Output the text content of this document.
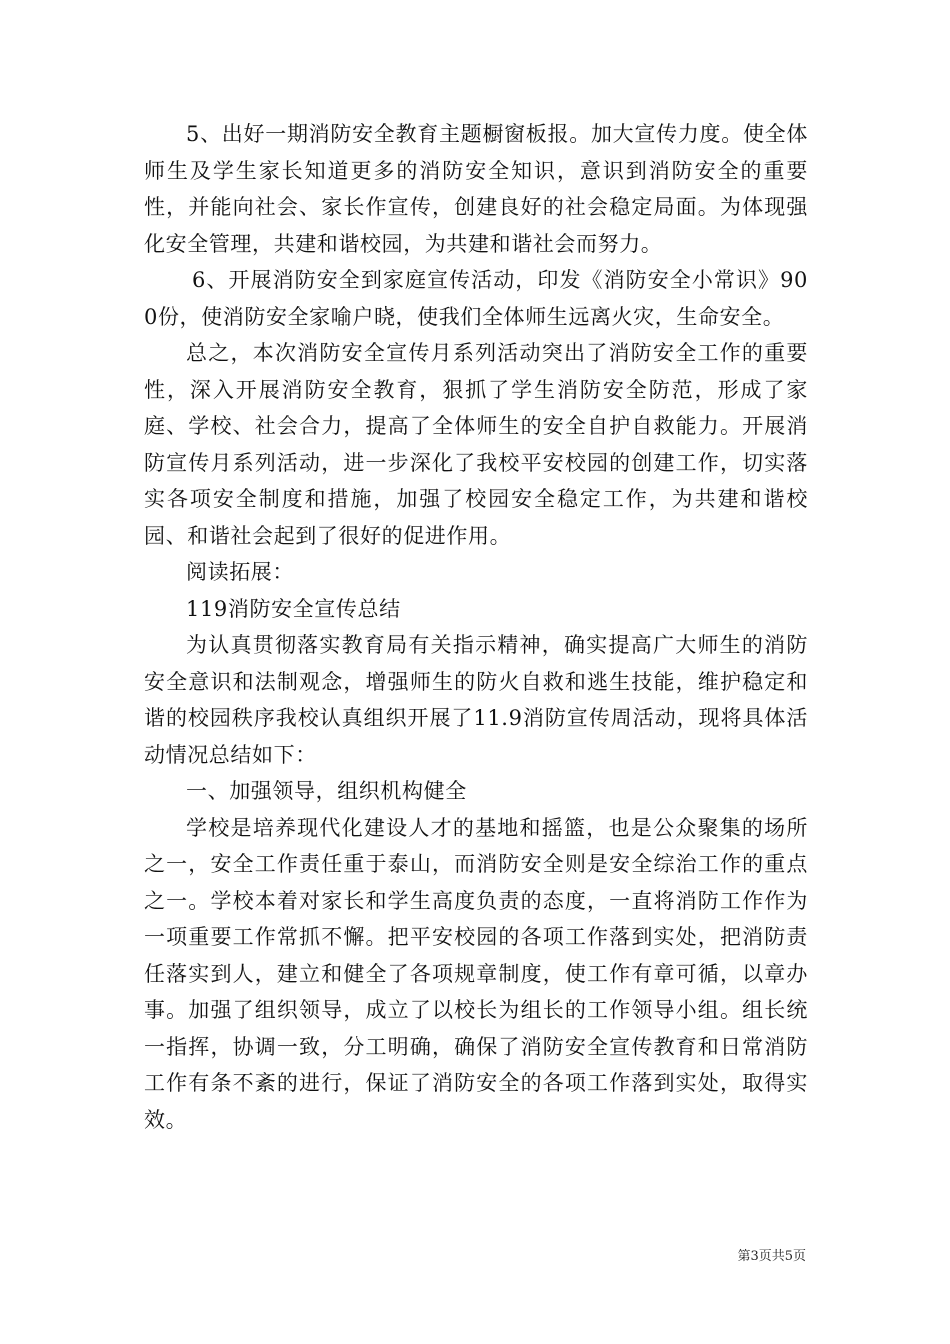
5、出好一期消防安全教育主题橱窗板报。加大宣传力度。使全体师生及学生家长知道更多的消防安全知识，意识到消防安全的重要性，并能向社会、家长作宣传，创建良好的社会稳定局面。为体现强化安全管理，共建和谐校园，为共建和谐社会而努力。

6、开展消防安全到家庭宣传活动，印发《消防安全小常识》900份，使消防安全家喻户晓，使我们全体师生远离火灾，生命安全。

总之，本次消防安全宣传月系列活动突出了消防安全工作的重要性，深入开展消防安全教育，狠抓了学生消防安全防范，形成了家庭、学校、社会合力，提高了全体师生的安全自护自救能力。开展消防宣传月系列活动，进一步深化了我校平安校园的创建工作，切实落实各项安全制度和措施，加强了校园安全稳定工作，为共建和谐校园、和谐社会起到了很好的促进作用。

阅读拓展：

119消防安全宣传总结

为认真贯彻落实教育局有关指示精神，确实提高广大师生的消防安全意识和法制观念，增强师生的防火自救和逃生技能，维护稳定和谐的校园秩序我校认真组织开展了11.9消防宣传周活动，现将具体活动情况总结如下：

一、加强领导，组织机构健全

学校是培养现代化建设人才的基地和摇篮，也是公众聚集的场所之一，安全工作责任重于泰山，而消防安全则是安全综治工作的重点之一。学校本着对家长和学生高度负责的态度，一直将消防工作作为一项重要工作常抓不懈。把平安校园的各项工作落到实处，把消防责任落实到人，建立和健全了各项规章制度，使工作有章可循，以章办事。加强了组织领导，成立了以校长为组长的工作领导小组。组长统一指挥，协调一致，分工明确，确保了消防安全宣传教育和日常消防工作有条不紊的进行，保证了消防安全的各项工作落到实处，取得实效。

第3页共5页
